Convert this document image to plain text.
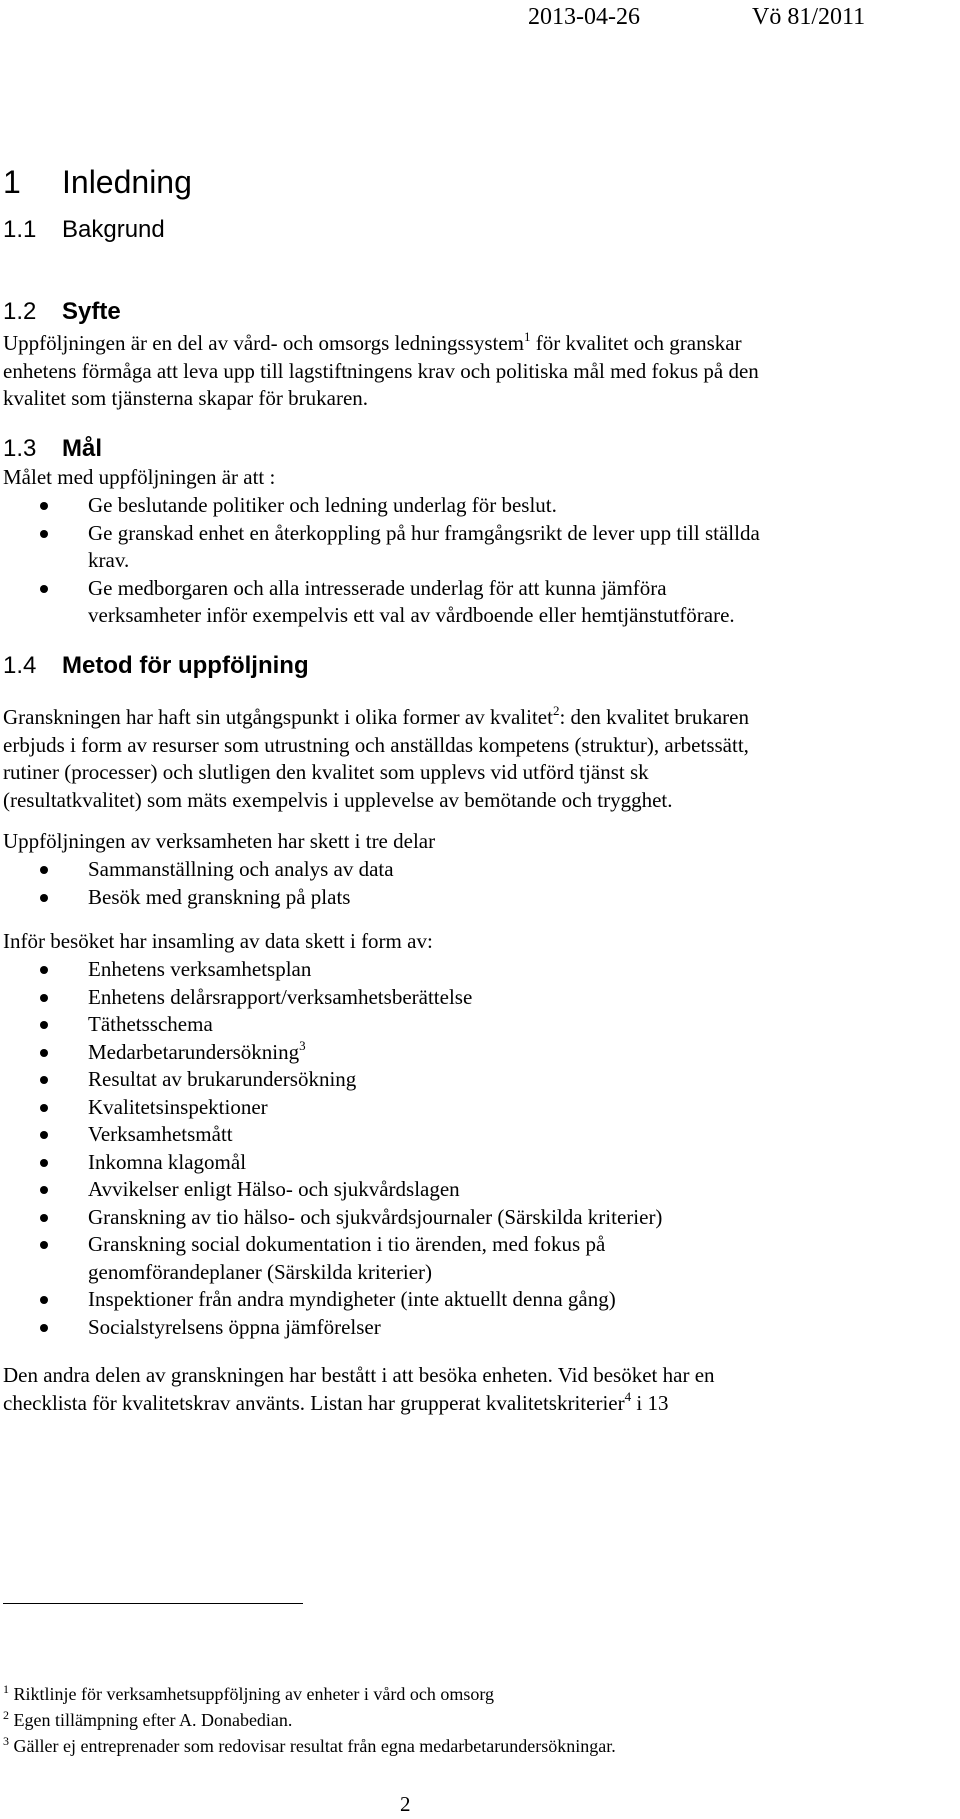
2013-04-26	Vö 81/2011
1 Inledning
1.1 Bakgrund
1.2 Syfte
Uppföljningen är en del av vård- och omsorgs ledningssystem$^1$ för kvalitet och granskar
enhetens förmåga att leva upp till lagstiftningens krav och politiska mål med fokus på den
kvalitet som tjänsterna skapar för brukaren.
1.3 Mål
Målet med uppföljningen är att :
Ge beslutande politiker och ledning underlag för beslut.
Ge granskad enhet en återkoppling på hur framgångsrikt de lever upp till ställda
krav.
Ge medborgaren och alla intresserade underlag för att kunna jämföra
verksamheter inför exempelvis ett val av vårdboende eller hemtjänstutförare.
1.4 Metod för uppföljning
Granskningen har haft sin utgångspunkt i olika former av kvalitet$^2$: den kvalitet brukaren
erbjuds i form av resurser som utrustning och anställdas kompetens (struktur), arbetssätt,
rutiner (processer) och slutligen den kvalitet som upplevs vid utförd tjänst sk
(resultatkvalitet) som mäts exempelvis i upplevelse av bemötande och trygghet.
Uppföljningen av verksamheten har skett i tre delar
Sammanställning och analys av data
Besök med granskning på plats
Inför besöket har insamling av data skett i form av:
Enhetens verksamhetsplan
Enhetens delårsrapport/verksamhetsberättelse
Täthetsschema
Medarbetarundersökning$^3$
Resultat av brukarundersökning
Kvalitetsinspektioner
Verksamhetsmått
Inkomna klagomål
Avvikelser enligt Hälso- och sjukvårdslagen
Granskning av tio hälso- och sjukvårdsjournaler (Särskilda kriterier)
Granskning social dokumentation i tio ärenden, med fokus på
genomförandeplaner (Särskilda kriterier)
Inspektioner från andra myndigheter (inte aktuellt denna gång)
Socialstyrelsens öppna jämförelser
Den andra delen av granskningen har bestått i att besöka enheten. Vid besöket har en
checklista för kvalitetskrav använts. Listan har grupperat kvalitetskriterier$^4$ i 13
$^1$ Riktlinje för verksamhetsuppföljning av enheter i vård och omsorg
$^2$ Egen tillämpning efter A. Donabedian.
$^3$ Gäller ej entreprenader som redovisar resultat från egna medarbetarundersökningar.
2
